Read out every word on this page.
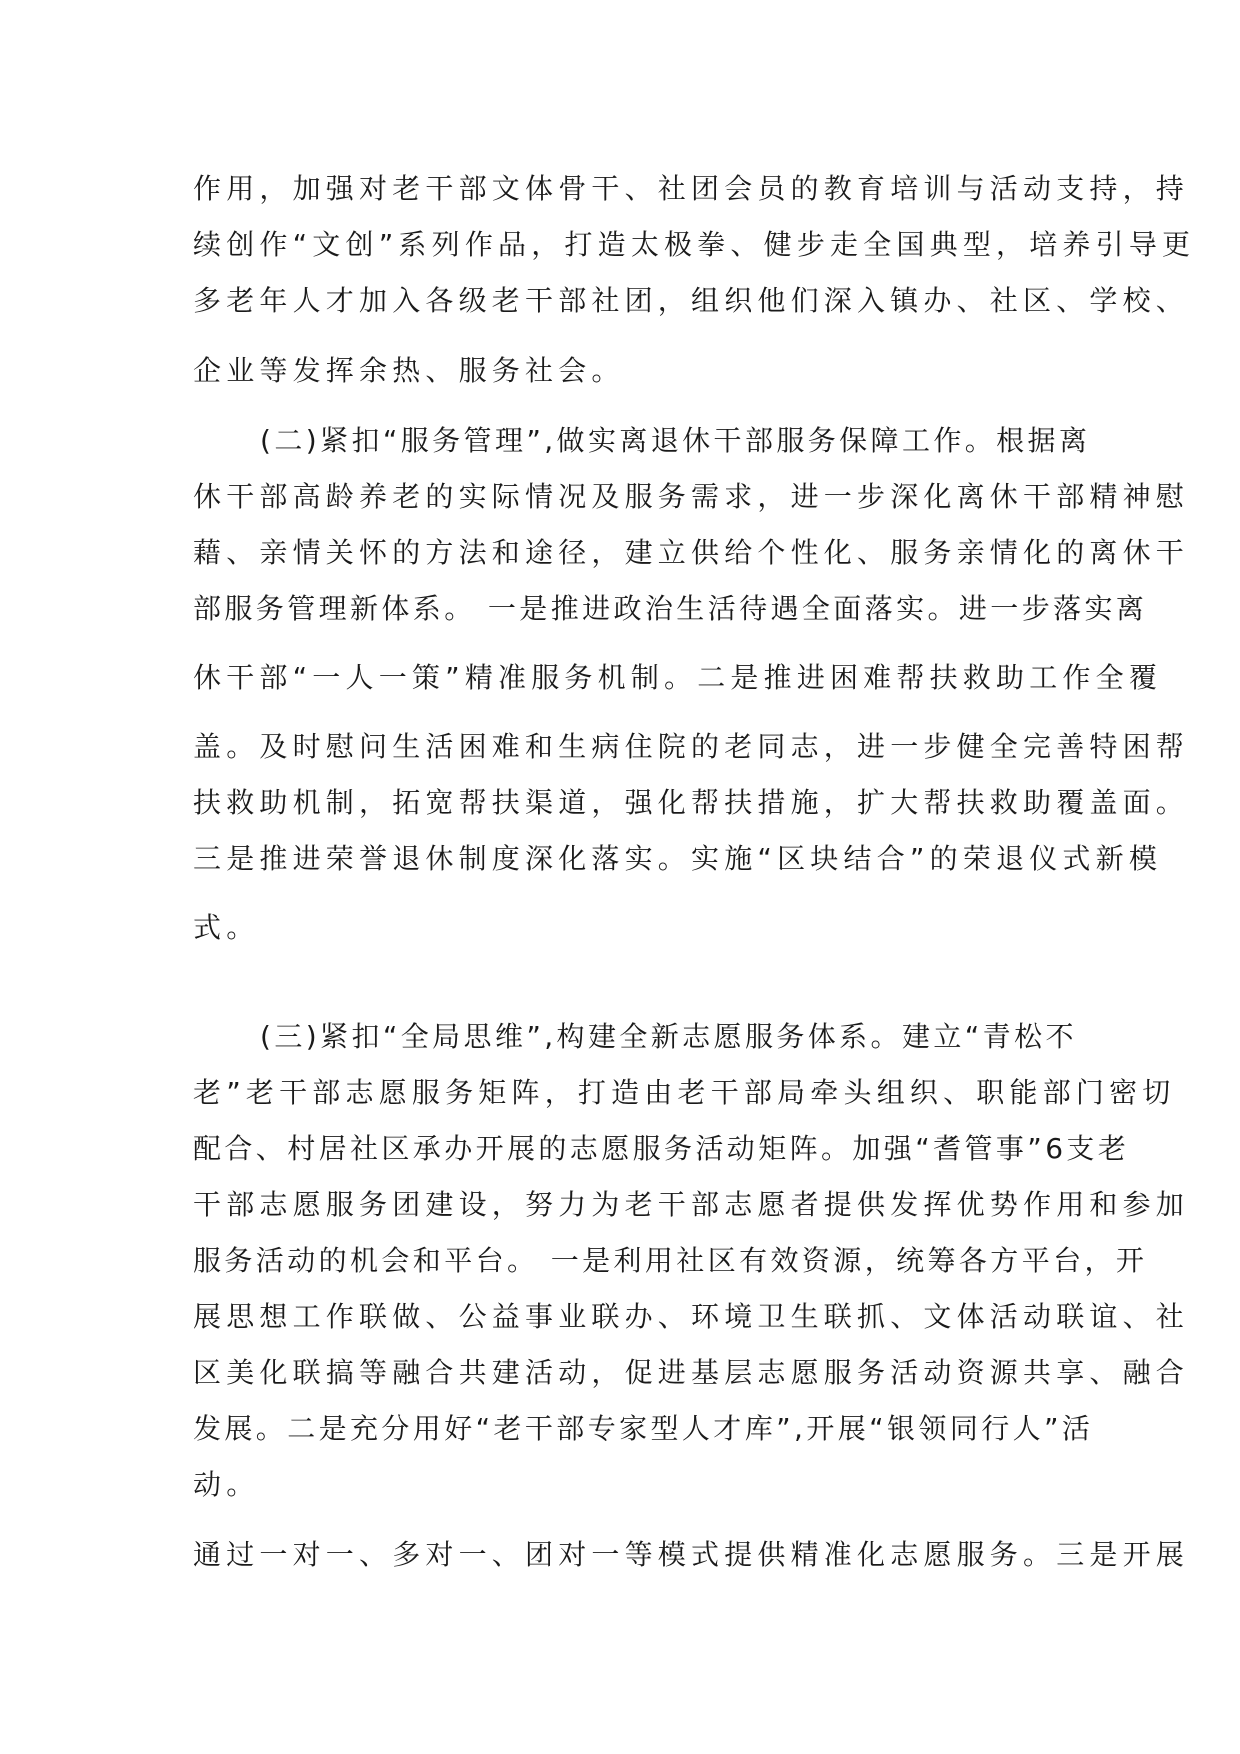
作用，加强对老干部文体骨干、社团会员的教育培训与活动支持，持
续创作“文创”系列作品，打造太极拳、健步走全国典型，培养引导更
多老年人才加入各级老干部社团，组织他们深入镇办、社区、学校、
企业等发挥余热、服务社会。
(二)紧扣“服务管理”,做实离退休干部服务保障工作。根据离
休干部高龄养老的实际情况及服务需求，进一步深化离休干部精神慰
藉、亲情关怀的方法和途径，建立供给个性化、服务亲情化的离休干
部服务管理新体系。 一是推进政治生活待遇全面落实。进一步落实离
休干部“一人一策”精准服务机制。二是推进困难帮扶救助工作全覆
盖。及时慰问生活困难和生病住院的老同志，进一步健全完善特困帮
扶救助机制，拓宽帮扶渠道，强化帮扶措施，扩大帮扶救助覆盖面。
三是推进荣誉退休制度深化落实。实施“区块结合”的荣退仪式新模
式。
(三)紧扣“全局思维”,构建全新志愿服务体系。建立“青松不
老”老干部志愿服务矩阵，打造由老干部局牵头组织、职能部门密切
配合、村居社区承办开展的志愿服务活动矩阵。加强“耆管事”6支老
干部志愿服务团建设，努力为老干部志愿者提供发挥优势作用和参加
服务活动的机会和平台。 一是利用社区有效资源，统筹各方平台，开
展思想工作联做、公益事业联办、环境卫生联抓、文体活动联谊、社
区美化联搞等融合共建活动，促进基层志愿服务活动资源共享、融合
发展。二是充分用好“老干部专家型人才库”,开展“银领同行人”活
动。
通过一对一、多对一、团对一等模式提供精准化志愿服务。三是开展
